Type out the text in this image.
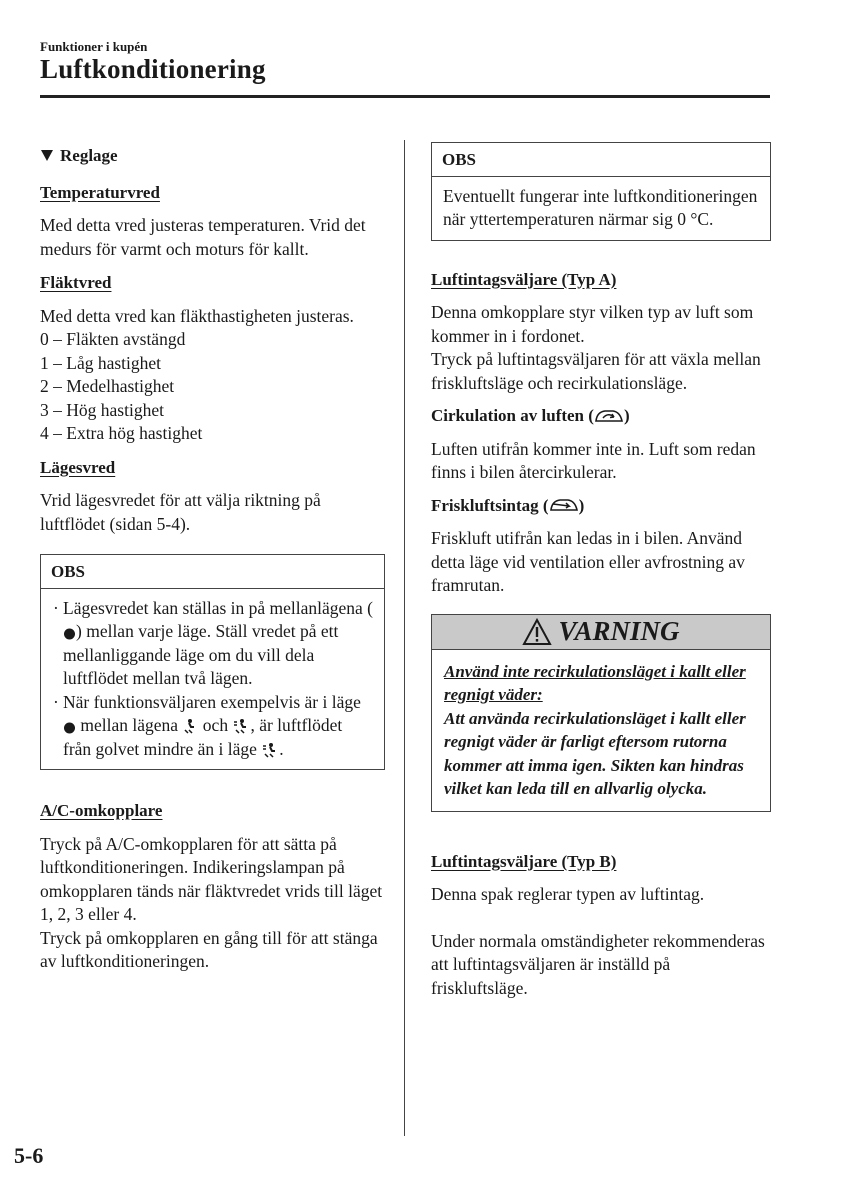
Funktioner i kupén
Luftkonditionering
Reglage
Temperaturvred

Med detta vred justeras temperaturen. Vrid det medurs för varmt och moturs för kallt.

Fläktvred

Med detta vred kan fläkthastigheten justeras.

0 – Fläkten avstängd
1 – Låg hastighet
2 – Medelhastighet
3 – Hög hastighet
4 – Extra hög hastighet
Lägesvred

Vrid lägesvredet för att välja riktning på luftflödet (sidan 5-4).

OBS
· Lägesvredet kan ställas in på mellanlägena () mellan varje läge. Ställ vredet på ett mellanliggande läge om du vill dela luftflödet mellan två lägen.
· När funktionsväljaren exempelvis är i läge  mellan lägena och , är luftflödet från golvet mindre än i läge .
A/C-omkopplare

Tryck på A/C-omkopplaren för att sätta på luftkonditioneringen. Indikeringslampan på omkopplaren tänds när fläktvredet vrids till läget 1, 2, 3 eller 4.

Tryck på omkopplaren en gång till för att stänga av luftkonditioneringen.

OBS

Eventuellt fungerar inte luftkonditioneringen när yttertemperaturen närmar sig 0 °C.

Luftintagsväljare (Typ A)

Denna omkopplare styr vilken typ av luft som kommer in i fordonet.

Tryck på luftintagsväljaren för att växla mellan friskluftsläge och recirkulationsläge.

Cirkulation av luften ( )

Luften utifrån kommer inte in. Luft som redan finns i bilen återcirkulerar.

Friskluftsintag ( )

Friskluft utifrån kan ledas in i bilen. Använd detta läge vid ventilation eller avfrostning av framrutan.

VARNING
Använd inte recirkulationsläget i kallt eller regnigt väder:
Att använda recirkulationsläget i kallt eller regnigt väder är farligt eftersom rutorna kommer att imma igen. Sikten kan hindras vilket kan leda till en allvarlig olycka.
Luftintagsväljare (Typ B)

Denna spak reglerar typen av luftintag.

Under normala omständigheter rekommenderas att luftintagsväljaren är inställd på friskluftsläge.

5-6
